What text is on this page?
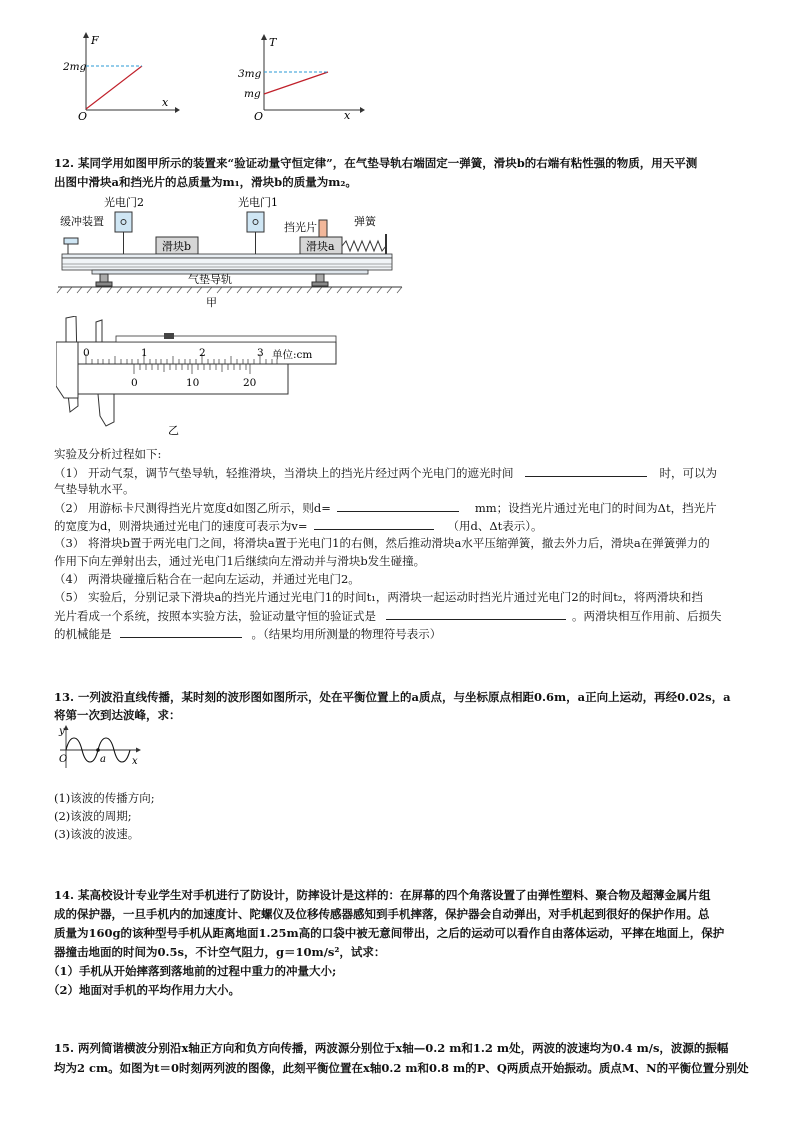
F
2mg
x
O
T
3mg
mg
x
O
12. 某同学用如图甲所示的装置来“验证动量守恒定律”，在气垫导轨右端固定一弹簧，滑块b的右端有粘性强的物质，用天平测
出图中滑块a和挡光片的总质量为m₁，滑块b的质量为m₂。
光电门2	光电门1
缓冲装置	挡光片	弹簧
滑块b	滑块a
气垫导轨
甲
0	1	2	3 单位:cm
0	10	20
乙
实验及分析过程如下:
（1） 开动气泵，调节气垫导轨，轻推滑块，当滑块上的挡光片经过两个光电门的遮光时间	时，可以为
气垫导轨水平。
（2） 用游标卡尺测得挡光片宽度d如图乙所示，则d=	mm；设挡光片通过光电门的时间为Δt，挡光片
的宽度为d，则滑块通过光电门的速度可表示为v=	（用d、Δt表示）。
（3） 将滑块b置于两光电门之间，将滑块a置于光电门1的右侧，然后推动滑块a水平压缩弹簧，撤去外力后，滑块a在弹簧弹力的
作用下向左弹射出去，通过光电门1后继续向左滑动并与滑块b发生碰撞。
（4） 两滑块碰撞后粘合在一起向左运动，并通过光电门2。
（5） 实验后，分别记录下滑块a的挡光片通过光电门1的时间t₁，两滑块一起运动时挡光片通过光电门2的时间t₂，将两滑块和挡
光片看成一个系统，按照本实验方法，验证动量守恒的验证式是	。两滑块相互作用前、后损失
的机械能是	。（结果均用所测量的物理符号表示）
13. 一列波沿直线传播，某时刻的波形图如图所示，处在平衡位置上的a质点，与坐标原点相距0.6m，a正向上运动，再经0.02s，a
将第一次到达波峰，求：
y
x
O	a
(1)该波的传播方向;
(2)该波的周期;
(3)该波的波速。
14. 某高校设计专业学生对手机进行了防设计，防摔设计是这样的：在屏幕的四个角落设置了由弹性塑料、聚合物及超薄金属片组
成的保护器，一旦手机内的加速度计、陀螺仪及位移传感器感知到手机摔落，保护器会自动弹出，对手机起到很好的保护作用。总
质量为160g的该种型号手机从距离地面1.25m高的口袋中被无意间带出，之后的运动可以看作自由落体运动，平摔在地面上，保护
器撞击地面的时间为0.5s，不计空气阻力，g＝10m/s²，试求：
（1）手机从开始摔落到落地前的过程中重力的冲量大小;
（2）地面对手机的平均作用力大小。
15. 两列简谐横波分别沿x轴正方向和负方向传播，两波源分别位于x轴—0.2 m和1.2 m处，两波的波速均为0.4 m/s，波源的振幅
均为2 cm。如图为t＝0时刻两列波的图像，此刻平衡位置在x轴0.2 m和0.8 m的P、Q两质点开始振动。质点M、N的平衡位置分别处
